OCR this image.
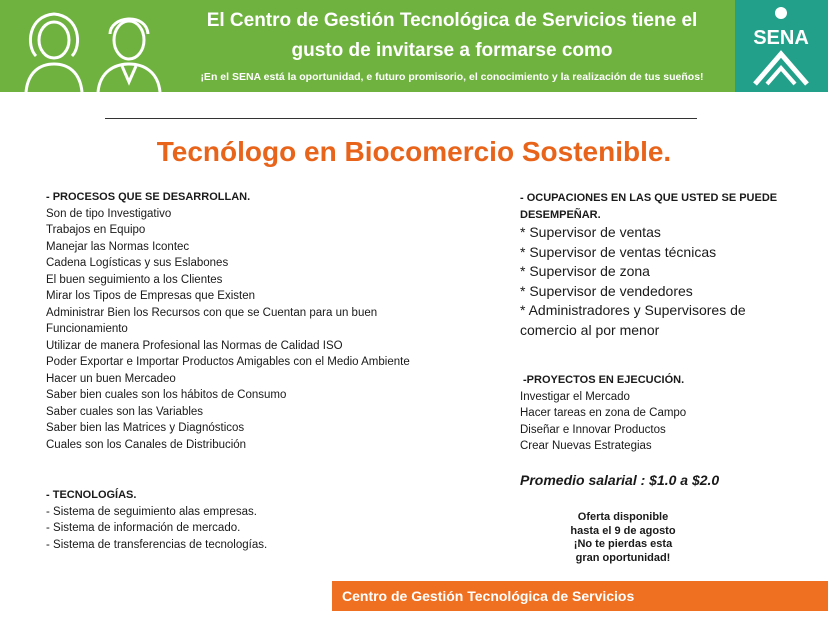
El Centro de Gestión Tecnológica de Servicios tiene el
gusto de invitarse a formarse como
¡En el SENA está la oportunidad, e futuro promisorio, el conocimiento y la realización de tus sueños!
SENA
Tecnólogo en Biocomercio Sostenible.
- PROCESOS QUE SE DESARROLLAN.
Son de tipo Investigativo
Trabajos en Equipo
Manejar las Normas Icontec
Cadena Logísticas y sus Eslabones
El buen seguimiento a los Clientes
Mirar los Tipos de Empresas que Existen
Administrar Bien los Recursos con que se Cuentan para un buen
Funcionamiento
Utilizar de manera Profesional las Normas de Calidad ISO
Poder Exportar e Importar Productos Amigables con el Medio Ambiente
Hacer un buen Mercadeo
Saber bien cuales son los hábitos de Consumo
Saber cuales son las Variables
Saber bien las Matrices y Diagnósticos
Cuales son los Canales de Distribución
- TECNOLOGÍAS.
- Sistema de seguimiento alas empresas.
- Sistema de información de mercado.
- Sistema de transferencias de tecnologías.
- OCUPACIONES EN LAS QUE USTED SE PUEDE
DESEMPEÑAR.
* Supervisor de ventas
* Supervisor de ventas técnicas
* Supervisor de zona
* Supervisor de vendedores
* Administradores y Supervisores de
comercio al por menor
-PROYECTOS EN EJECUCIÓN.
Investigar el Mercado
Hacer tareas en zona de Campo
Diseñar e Innovar Productos
Crear Nuevas Estrategias
Promedio salarial : $1.0 a $2.0
Oferta disponible
hasta el 9 de agosto
¡No te pierdas esta
gran oportunidad!
Centro de Gestión Tecnológica de Servicios
